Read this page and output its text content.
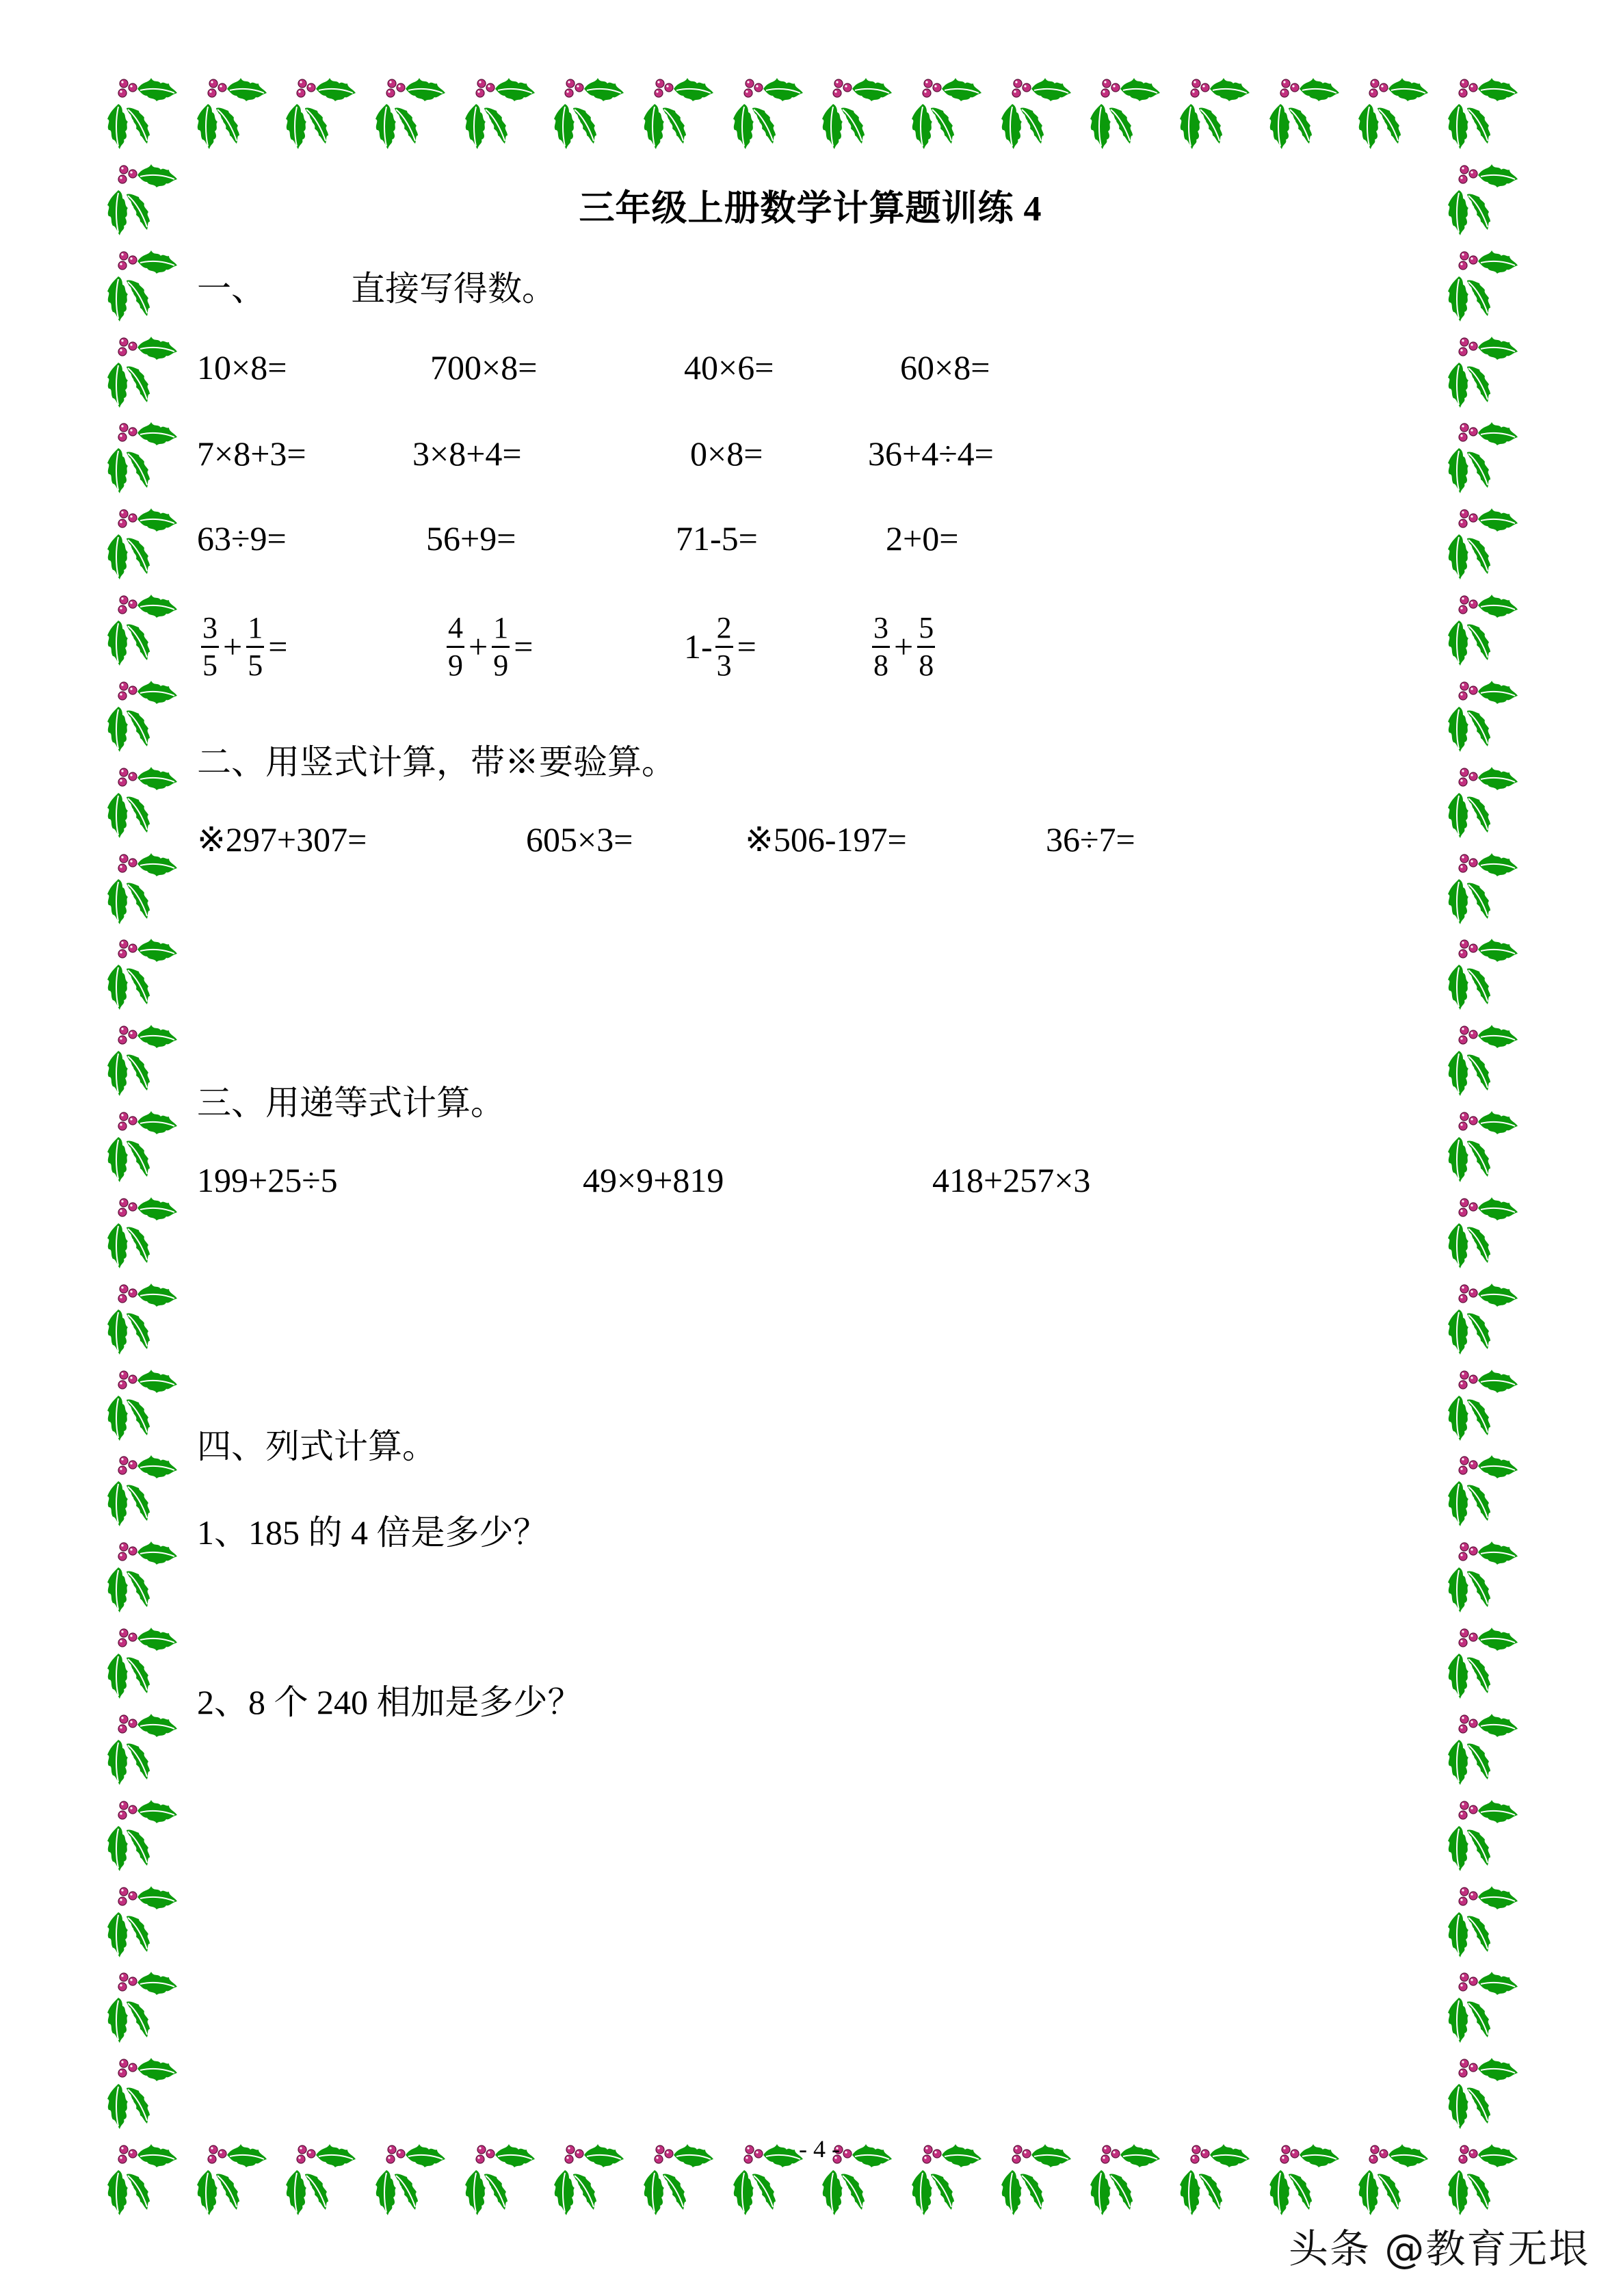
三年级上册数学计算题训练 4
一、          直接写得数。
10×8=	700×8=	40×6=	60×8=
7×8+3=	3×8+4=	0×8=	36+4÷4=
63÷9=	56+9=	71-5=	2+0=
$\frac{3}{5} + \frac{1}{5}$ =	$\frac{4}{9} + \frac{1}{9}$ =	$1 - \frac{2}{3}$ =	$\frac{3}{8} + \frac{5}{8}$
二、用竖式计算，带※要验算。
※297+307=	605×3=	※506-197=	36÷7=
三、用递等式计算。
199+25÷5	49×9+819	418+257×3
四、列式计算。
1、185 的 4 倍是多少？
2、8 个 240 相加是多少？
- 4 -
头条 @教育无垠
